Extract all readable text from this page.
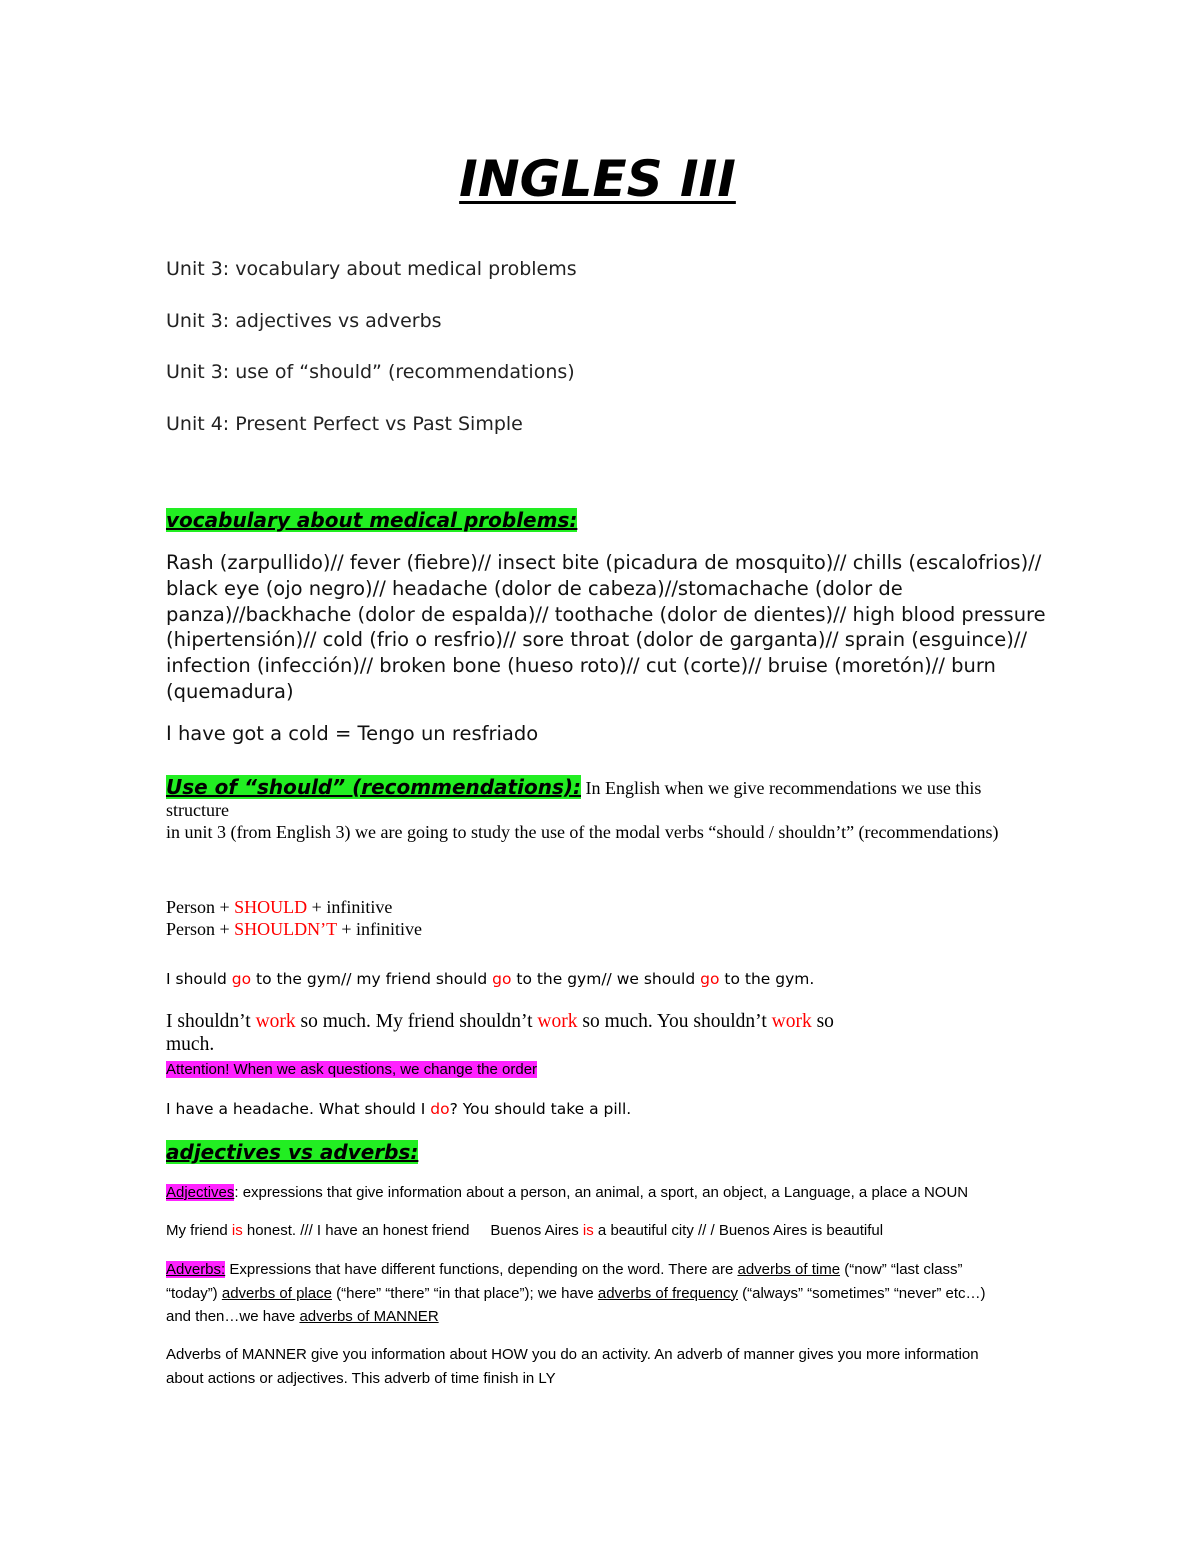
INGLES III
Unit 3: vocabulary about medical problems
Unit 3: adjectives vs adverbs
Unit 3: use of “should” (recommendations)
Unit 4: Present Perfect vs Past Simple
vocabulary about medical problems:
Rash (zarpullido)// fever (fiebre)// insect bite (picadura de mosquito)// chills (escalofrios)// black eye (ojo negro)// headache (dolor de cabeza)//stomachache (dolor de panza)//backhache (dolor de espalda)// toothache (dolor de dientes)// high blood pressure (hipertensión)// cold (frio o resfrio)// sore throat (dolor de garganta)// sprain (esguince)// infection (infección)// broken bone (hueso roto)// cut (corte)// bruise (moretón)// burn (quemadura)
I have got a cold = Tengo un resfriado
Use of “should” (recommendations): In English when we give recommendations we use this structure
in unit 3 (from English 3) we are going to study the use of the modal verbs “should / shouldn’t” (recommendations)
Person + SHOULD + infinitive
Person + SHOULDN’T + infinitive
I should go to the gym// my friend should go to the gym// we should go to the gym.
I shouldn’t work so much. My friend shouldn’t work so much. You shouldn’t work so much.
Attention! When we ask questions, we change the order
I have a headache. What should I do? You should take a pill.
adjectives vs adverbs:
Adjectives: expressions that give information about a person, an animal, a sport, an object, a Language, a place a NOUN
My friend is honest. /// I have an honest friend     Buenos Aires is a beautiful city // / Buenos Aires is beautiful
Adverbs: Expressions that have different functions, depending on the word. There are adverbs of time (“now” “last class” “today”) adverbs of place (“here” “there” “in that place”); we have adverbs of frequency (“always” “sometimes” “never” etc…) and then…we have adverbs of MANNER
Adverbs of MANNER give you information about HOW you do an activity. An adverb of manner gives you more information about actions or adjectives. This adverb of time finish in LY
